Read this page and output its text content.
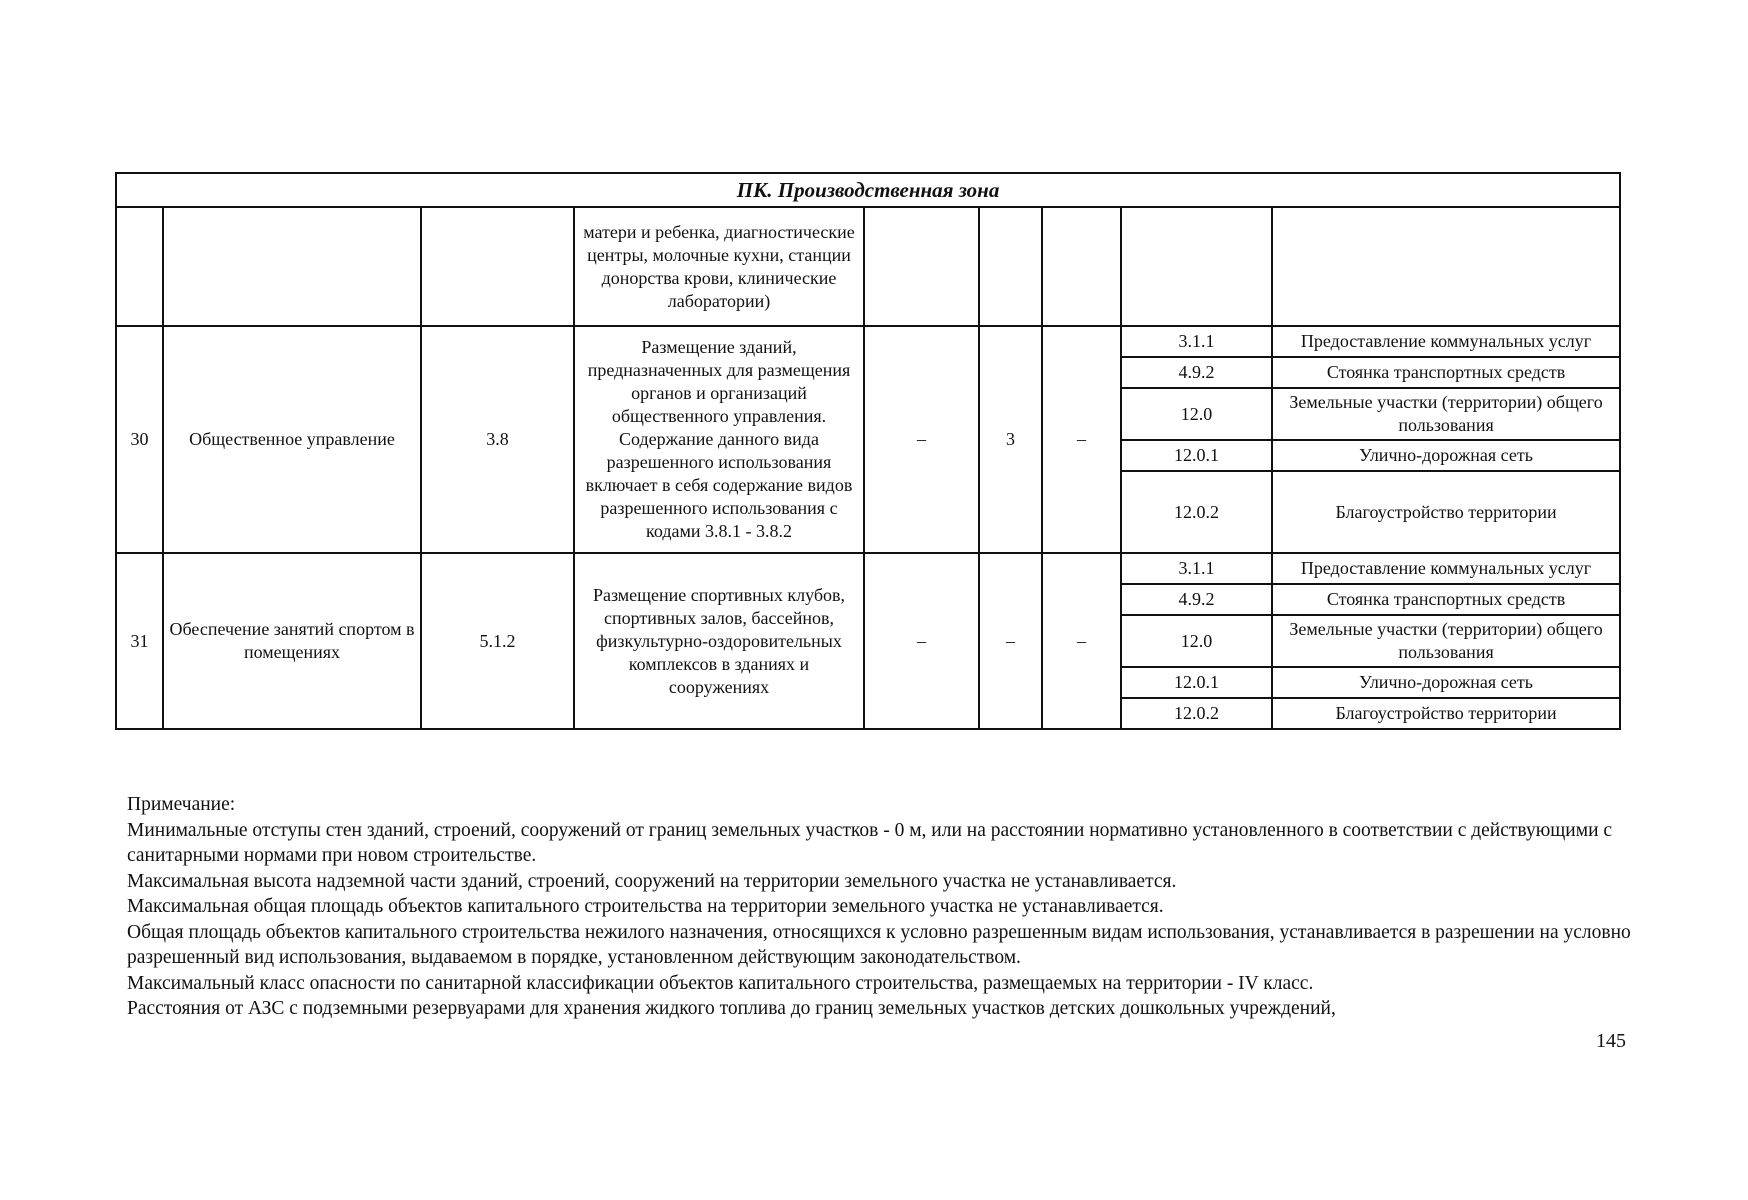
ПК. Производственная зона								
			матери и ребенка, диагностические центры, молочные кухни, станции донорства крови, клинические лаборатории)					
30	Общественное управление	3.8	Размещение зданий, предназначенных для размещения органов и организаций общественного управления. Содержание данного вида разрешенного использования включает в себя содержание видов разрешенного использования с кодами 3.8.1 - 3.8.2	–	3	–	3.1.1	Предоставление коммунальных услуг
							4.9.2	Стоянка транспортных средств
							12.0	Земельные участки (территории) общего пользования
							12.0.1	Улично-дорожная сеть
							12.0.2	Благоустройство территории
31	Обеспечение занятий спортом в помещениях	5.1.2	Размещение спортивных клубов, спортивных залов, бассейнов, физкультурно-оздоровительных комплексов в зданиях и сооружениях	–	–	–	3.1.1	Предоставление коммунальных услуг
							4.9.2	Стоянка транспортных средств
							12.0	Земельные участки (территории) общего пользования
							12.0.1	Улично-дорожная сеть
							12.0.2	Благоустройство территории

Примечание:

Минимальные отступы стен зданий, строений, сооружений от границ земельных участков - 0 м, или на расстоянии нормативно установленного в соответствии с действующими с санитарными нормами при новом строительстве.

Максимальная высота надземной части зданий, строений, сооружений на территории земельного участка не устанавливается.

Максимальная общая площадь объектов капитального строительства на территории земельного участка не устанавливается.

Общая площадь объектов капитального строительства нежилого назначения, относящихся к условно разрешенным видам использования, устанавливается в разрешении на условно разрешенный вид использования, выдаваемом в порядке, установленном действующим законодательством.

Максимальный класс опасности по санитарной классификации объектов капитального строительства, размещаемых на территории - IV класс.

Расстояния от АЗС с подземными резервуарами для хранения жидкого топлива до границ земельных участков детских дошкольных учреждений,

145
